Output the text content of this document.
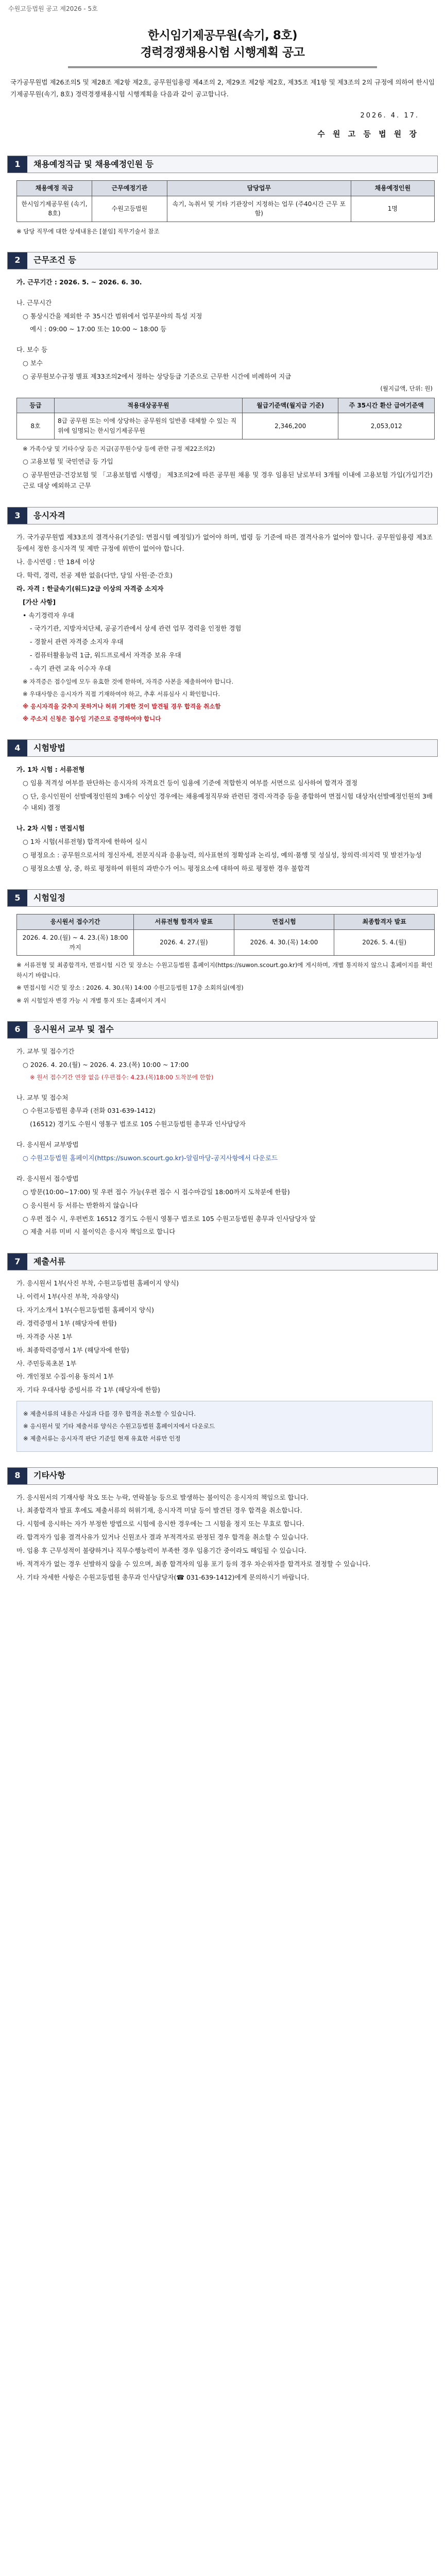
수원고등법원 공고 제2026 - 5호
한시임기제공무원(속기, 8호)
경력경쟁채용시험 시행계획 공고
국가공무원법 제26조의5 및 제28조 제2항 제2호, 공무원임용령 제4조의 2, 제29조 제2항 제2호, 제35조 제1항 및 제3조의 2의 규정에 의하여 한시임기제공무원(속기, 8호) 경력경쟁채용시험 시행계획을 다음과 같이 공고합니다.
2026. 4. 17.
수 원 고 등 법 원 장
1	채용예정직급 및 채용예정인원 등
채용예정 직급	근무예정기관	담당업무	채용예정인원
한시임기제공무원 (속기, 8호)	수원고등법원	속기, 녹취서 및 기타 기관장이 지정하는 업무 (주40시간 근무 포함)	1명
※ 담당 직무에 대한 상세내용은 [붙임] 직무기술서 참조
2	근무조건 등
가. 근무기간 : 2026. 5. ~ 2026. 6. 30.
나. 근무시간
○ 통상시간을 제외한 주 35시간 범위에서 업무분야의 특성 지정
예시 : 09:00 ~ 17:00 또는 10:00 ~ 18:00 등
다. 보수 등
○ 보수
○ 공무원보수규정 별표 제33조의2에서 정하는 상당등급 기준으로 근무한 시간에 비례하여 지급
(월지급액, 단위: 원)
등급	적용대상공무원	월급기준액(월지급 기준)	주 35시간 환산 급여기준액
8호	8급 공무원 또는 이에 상당하는 공무원의 일반종 대체할 수 있는 직위에 임명되는 한시임기제공무원	2,346,200	2,053,012
※ 가족수당 및 기타수당 등은 지급(공무원수당 등에 관한 규정 제22조의2)
○ 고용보험 및 국민연금 등 가입
○ 공무원연금·건강보험 및 「고용보험법 시행령」 제3조의2에 따른 공무원 채용 및 경우 임용된 날로부터 3개월 이내에 고용보험 가입(가입기간) 근로 대상 예외하고 근무
3	응시자격
가. 국가공무원법 제33조의 결격사유(기준일: 면접시험 예정일)가 없어야 하며, 법령 등 기준에 따른 결격사유가 없어야 합니다. 공무원임용령 제3조 등에서 정한 응시자격 및 제반 규정에 위반이 없어야 합니다.
나. 응시연령 : 만 18세 이상
다. 학력, 경력, 전공 제한 없음(다만, 당일 사원·준·간호)
라. 자격 : 한글속기(워드)2급 이상의 자격증 소지자
[가산 사항]
• 속기경력자 우대
- 국가기관, 지방자치단체, 공공기관에서 상세 관련 업무 경력을 인정한 경험
- 경찰서 관련 자격증 소지자 우대
- 컴퓨터활용능력 1급, 워드프로세서 자격증 보유 우대
- 속기 관련 교육 이수자 우대
※ 자격증은 접수일에 모두 유효한 것에 한하며, 자격증 사본을 제출하여야 합니다.
※ 우대사항은 응시자가 직접 기재하여야 하고, 추후 서류심사 시 확인합니다.
※ 응시자격을 갖추지 못하거나 허위 기재한 것이 발견될 경우 합격을 취소함
※ 주소지 신청은 접수일 기준으로 증명하여야 합니다
4	시험방법
가. 1차 시험 : 서류전형
○ 임용 적격성 여부를 판단하는 응시자의 자격요건 등이 임용에 기준에 적합한지 여부를 서면으로 심사하여 합격자 결정
○ 단, 응시인원이 선발예정인원의 3배수 이상인 경우에는 채용예정직무와 관련된 경력·자격증 등을 종합하여 면접시험 대상자(선발예정인원의 3배수 내외) 결정
나. 2차 시험 : 면접시험
○ 1차 시험(서류전형) 합격자에 한하여 실시
○ 평정요소 : 공무원으로서의 정신자세, 전문지식과 응용능력, 의사표현의 정확성과 논리성, 예의·품행 및 성실성, 창의력·의지력 및 발전가능성
○ 평정요소별 상, 중, 하로 평정하여 위원의 과반수가 어느 평정요소에 대하여 하로 평정한 경우 불합격
5	시험일정
응시원서 접수기간	서류전형 합격자 발표	면접시험	최종합격자 발표
2026. 4. 20.(월) ~ 4. 23.(목) 18:00까지	2026. 4. 27.(월)	2026. 4. 30.(목) 14:00	2026. 5. 4.(월)
※ 서류전형 및 최종합격자, 면접시험 시간 및 장소는 수원고등법원 홈페이지(https://suwon.scourt.go.kr)에 게시하며, 개별 통지하지 않으니 홈페이지를 확인하시기 바랍니다.
※ 면접시험 시간 및 장소 : 2026. 4. 30.(목) 14:00 수원고등법원 17층 소회의실(예정)
※ 위 시험일자 변경 가능 시 개별 통지 또는 홈페이지 게시
6	응시원서 교부 및 접수
가. 교부 및 접수기간
○ 2026. 4. 20.(월) ~ 2026. 4. 23.(목) 10:00 ~ 17:00
※ 원서 접수기간 연장 없음 (우편접수: 4.23.(목)18:00 도착분에 한함)
나. 교부 및 접수처
○ 수원고등법원 총무과 (전화 031-639-1412)
(16512) 경기도 수원시 영통구 법조로 105 수원고등법원 총무과 인사담당자
다. 응시원서 교부방법
○ 수원고등법원 홈페이지(https://suwon.scourt.go.kr)-알림마당-공지사항에서 다운로드
라. 응시원서 접수방법
○ 방문(10:00~17:00) 및 우편 접수 가능(우편 접수 시 접수마감일 18:00까지 도착분에 한함)
○ 응시원서 등 서류는 반환하지 않습니다
○ 우편 접수 시, 우편번호 16512 경기도 수원시 영통구 법조로 105 수원고등법원 총무과 인사담당자 앞
○ 제출 서류 미비 시 불이익은 응시자 책임으로 합니다
7	제출서류
가. 응시원서 1부(사진 부착, 수원고등법원 홈페이지 양식)
나. 이력서 1부(사진 부착, 자유양식)
다. 자기소개서 1부(수원고등법원 홈페이지 양식)
라. 경력증명서 1부 (해당자에 한함)
마. 자격증 사본 1부
바. 최종학력증명서 1부 (해당자에 한함)
사. 주민등록초본 1부
아. 개인정보 수집·이용 동의서 1부
자. 기타 우대사항 증빙서류 각 1부 (해당자에 한함)
※ 제출서류의 내용은 사실과 다를 경우 합격을 취소할 수 있습니다.
※ 응시원서 및 기타 제출서류 양식은 수원고등법원 홈페이지에서 다운로드
※ 제출서류는 응시자격 판단 기준일 현재 유효한 서류만 인정
8	기타사항
가. 응시원서의 기재사항 착오 또는 누락, 연락불능 등으로 발생하는 불이익은 응시자의 책임으로 합니다.
나. 최종합격자 발표 후에도 제출서류의 허위기재, 응시자격 미달 등이 발견된 경우 합격을 취소합니다.
다. 시험에 응시하는 자가 부정한 방법으로 시험에 응시한 경우에는 그 시험을 정지 또는 무효로 합니다.
라. 합격자가 임용 결격사유가 있거나 신원조사 결과 부적격자로 판정된 경우 합격을 취소할 수 있습니다.
마. 임용 후 근무성적이 불량하거나 직무수행능력이 부족한 경우 임용기간 중이라도 해임될 수 있습니다.
바. 적격자가 없는 경우 선발하지 않을 수 있으며, 최종 합격자의 임용 포기 등의 경우 차순위자를 합격자로 결정할 수 있습니다.
사. 기타 자세한 사항은 수원고등법원 총무과 인사담당자(☎ 031-639-1412)에게 문의하시기 바랍니다.
